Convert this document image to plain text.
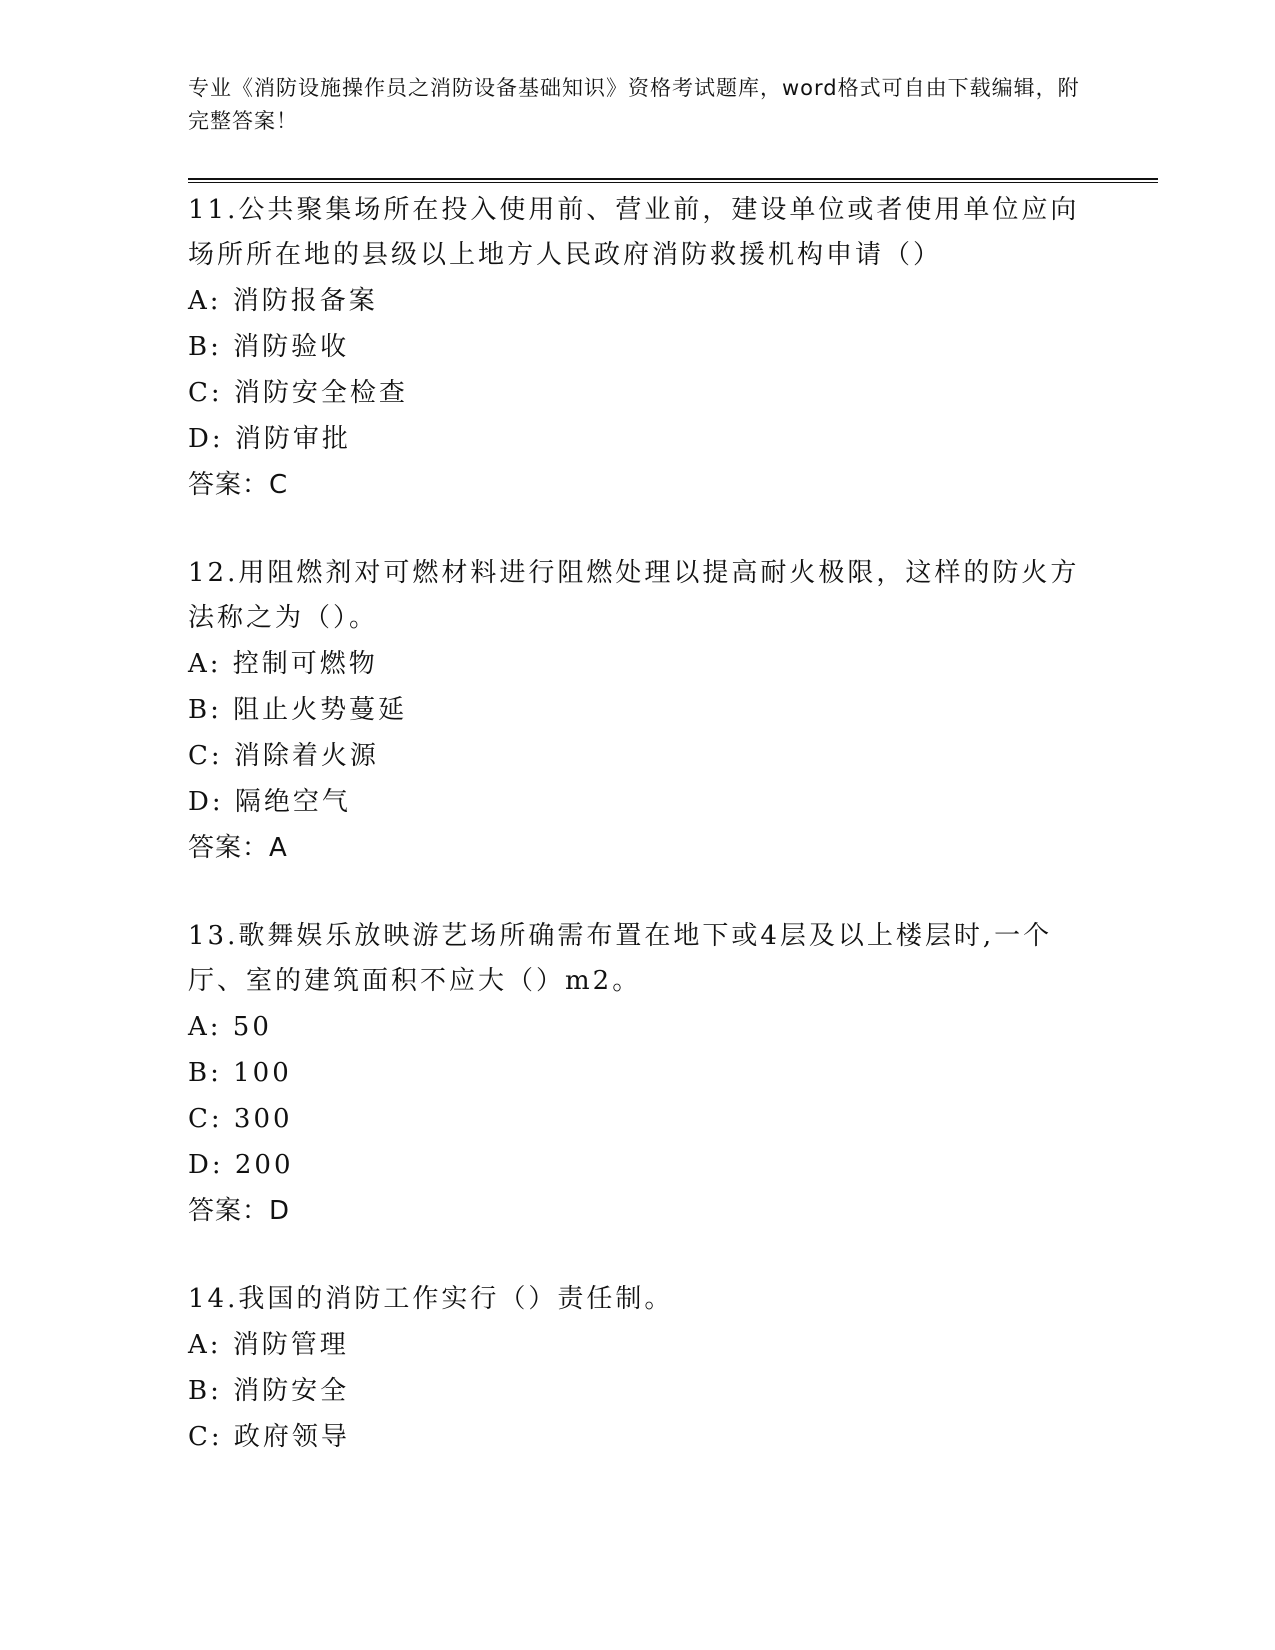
专业《消防设施操作员之消防设备基础知识》资格考试题库，word格式可自由下载编辑，附完整答案！

11.公共聚集场所在投入使用前、营业前，建设单位或者使用单位应向场所所在地的县级以上地方人民政府消防救援机构申请（）

A: 消防报备案
B: 消防验收
C: 消防安全检查
D: 消防审批
答案：C

12.用阻燃剂对可燃材料进行阻燃处理以提高耐火极限，这样的防火方法称之为（）。

A: 控制可燃物
B: 阻止火势蔓延
C: 消除着火源
D: 隔绝空气
答案：A

13.歌舞娱乐放映游艺场所确需布置在地下或4层及以上楼层时,一个厅、室的建筑面积不应大（）m2。

A: 50
B: 100
C: 300
D: 200
答案：D

14.我国的消防工作实行（）责任制。

A: 消防管理
B: 消防安全
C: 政府领导
